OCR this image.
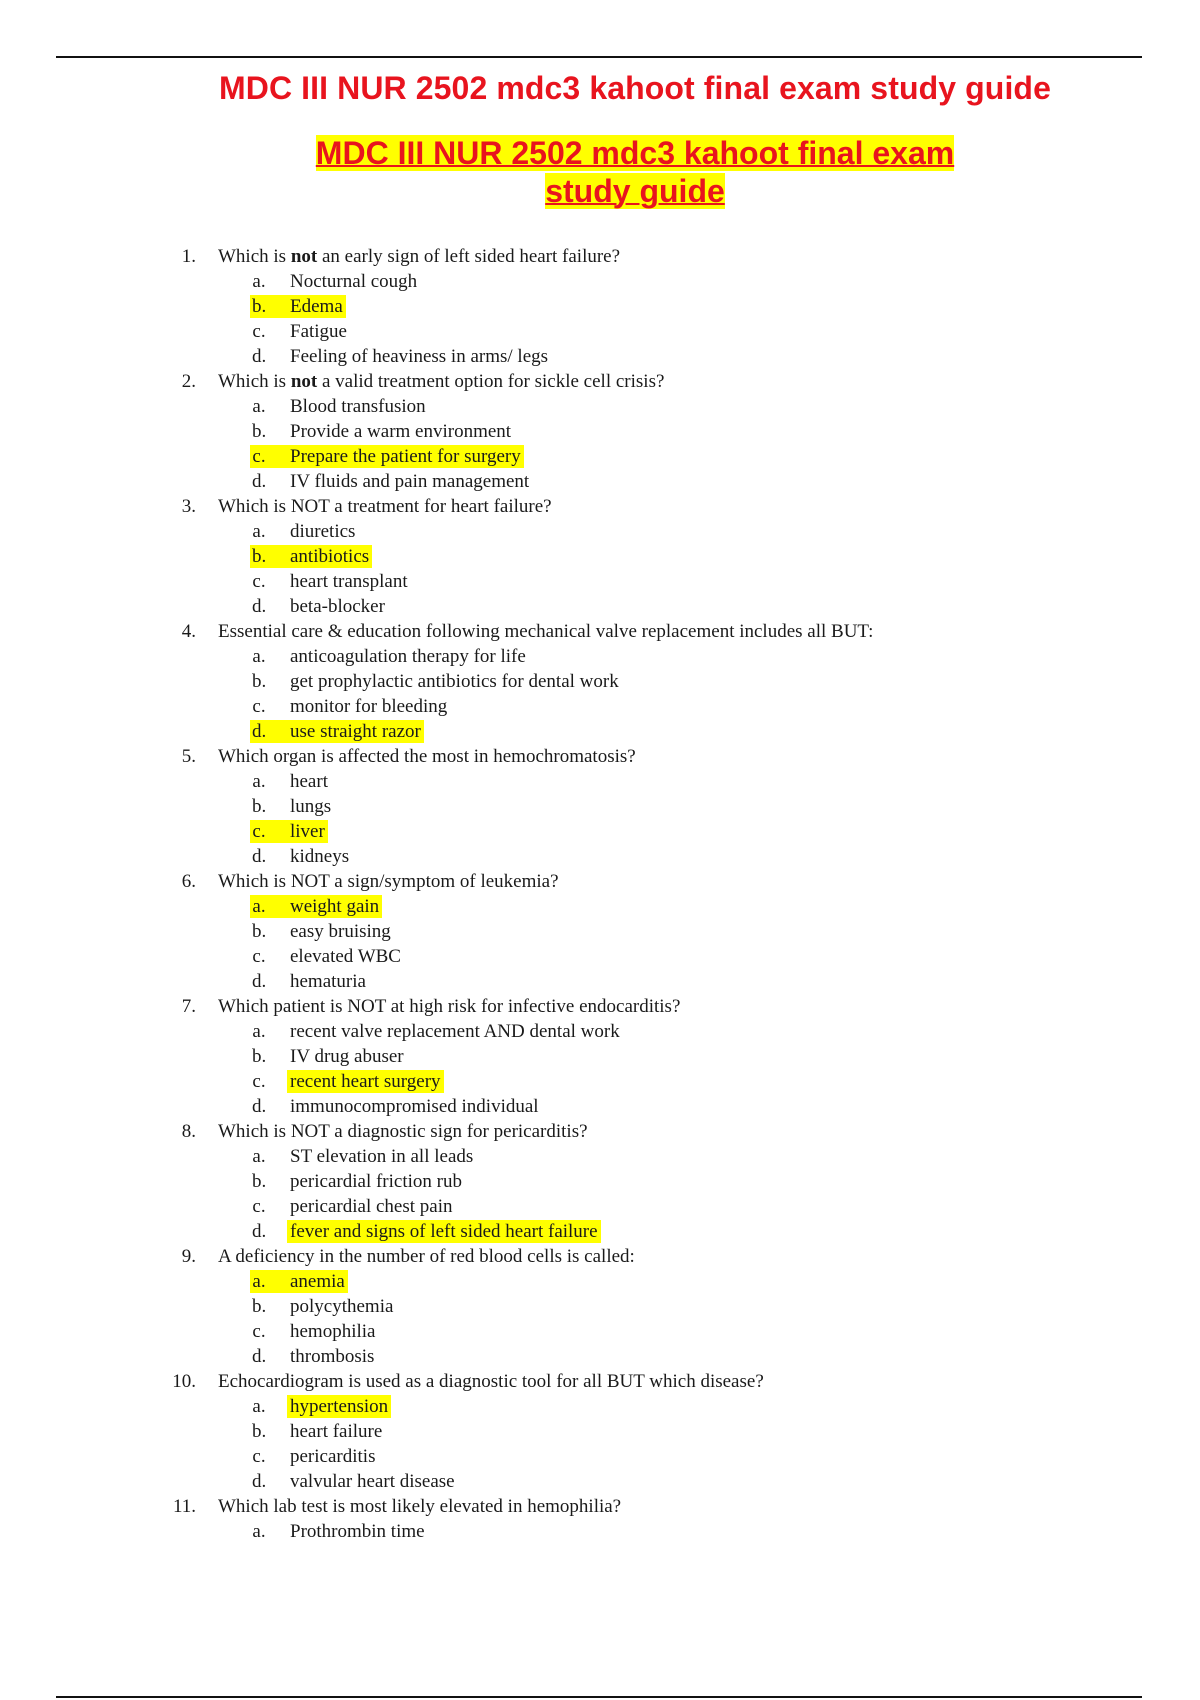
MDC III NUR 2502 mdc3 kahoot final exam study guide
MDC III NUR 2502 mdc3 kahoot final exam
study guide
1. Which is not an early sign of left sided heart failure?
a. Nocturnal cough
b. Edema
c. Fatigue
d. Feeling of heaviness in arms/ legs
2. Which is not a valid treatment option for sickle cell crisis?
a. Blood transfusion
b. Provide a warm environment
c. Prepare the patient for surgery
d. IV fluids and pain management
3. Which is NOT a treatment for heart failure?
a. diuretics
b. antibiotics
c. heart transplant
d. beta-blocker
4. Essential care & education following mechanical valve replacement includes all BUT:
a. anticoagulation therapy for life
b. get prophylactic antibiotics for dental work
c. monitor for bleeding
d. use straight razor
5. Which organ is affected the most in hemochromatosis?
a. heart
b. lungs
c. liver
d. kidneys
6. Which is NOT a sign/symptom of leukemia?
a. weight gain
b. easy bruising
c. elevated WBC
d. hematuria
7. Which patient is NOT at high risk for infective endocarditis?
a. recent valve replacement AND dental work
b. IV drug abuser
c. recent heart surgery
d. immunocompromised individual
8. Which is NOT a diagnostic sign for pericarditis?
a. ST elevation in all leads
b. pericardial friction rub
c. pericardial chest pain
d. fever and signs of left sided heart failure
9. A deficiency in the number of red blood cells is called:
a. anemia
b. polycythemia
c. hemophilia
d. thrombosis
10. Echocardiogram is used as a diagnostic tool for all BUT which disease?
a. hypertension
b. heart failure
c. pericarditis
d. valvular heart disease
11. Which lab test is most likely elevated in hemophilia?
a. Prothrombin time
